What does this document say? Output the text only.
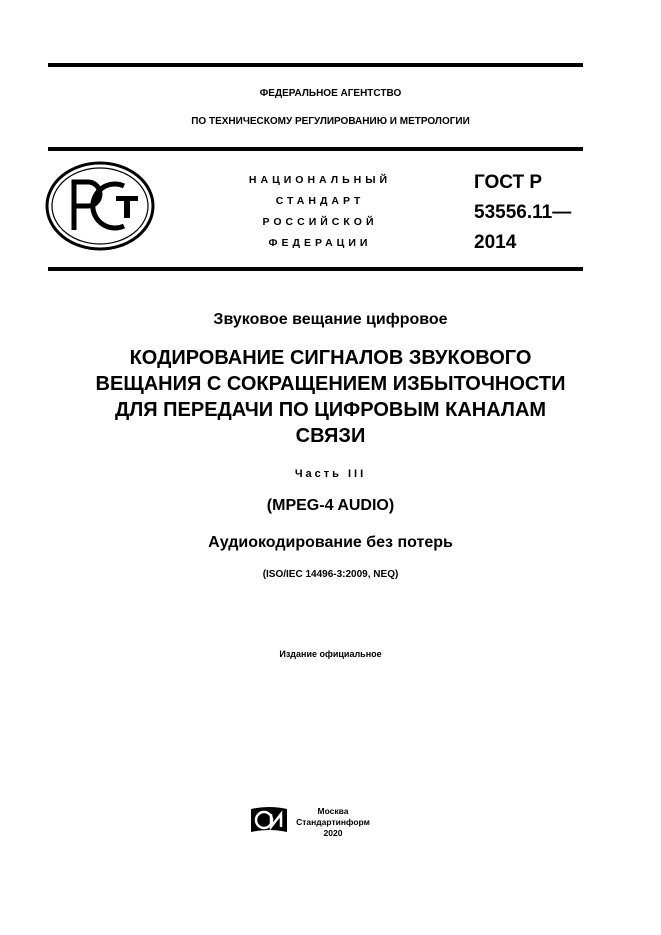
ФЕДЕРАЛЬНОЕ АГЕНТСТВО
ПО ТЕХНИЧЕСКОМУ РЕГУЛИРОВАНИЮ И МЕТРОЛОГИИ
НАЦИОНАЛЬНЫЙ
СТАНДАРТ
РОССИЙСКОЙ
ФЕДЕРАЦИИ
ГОСТ Р
53556.11—
2014
Звуковое вещание цифровое
КОДИРОВАНИЕ СИГНАЛОВ ЗВУКОВОГО
ВЕЩАНИЯ С СОКРАЩЕНИЕМ ИЗБЫТОЧНОСТИ
ДЛЯ ПЕРЕДАЧИ ПО ЦИФРОВЫМ КАНАЛАМ
СВЯЗИ
Часть III
(MPEG-4 AUDIO)
Аудиокодирование без потерь
(ISO/IEC 14496-3:2009, NEQ)
Издание официальное
Москва
Стандартинформ
2020
